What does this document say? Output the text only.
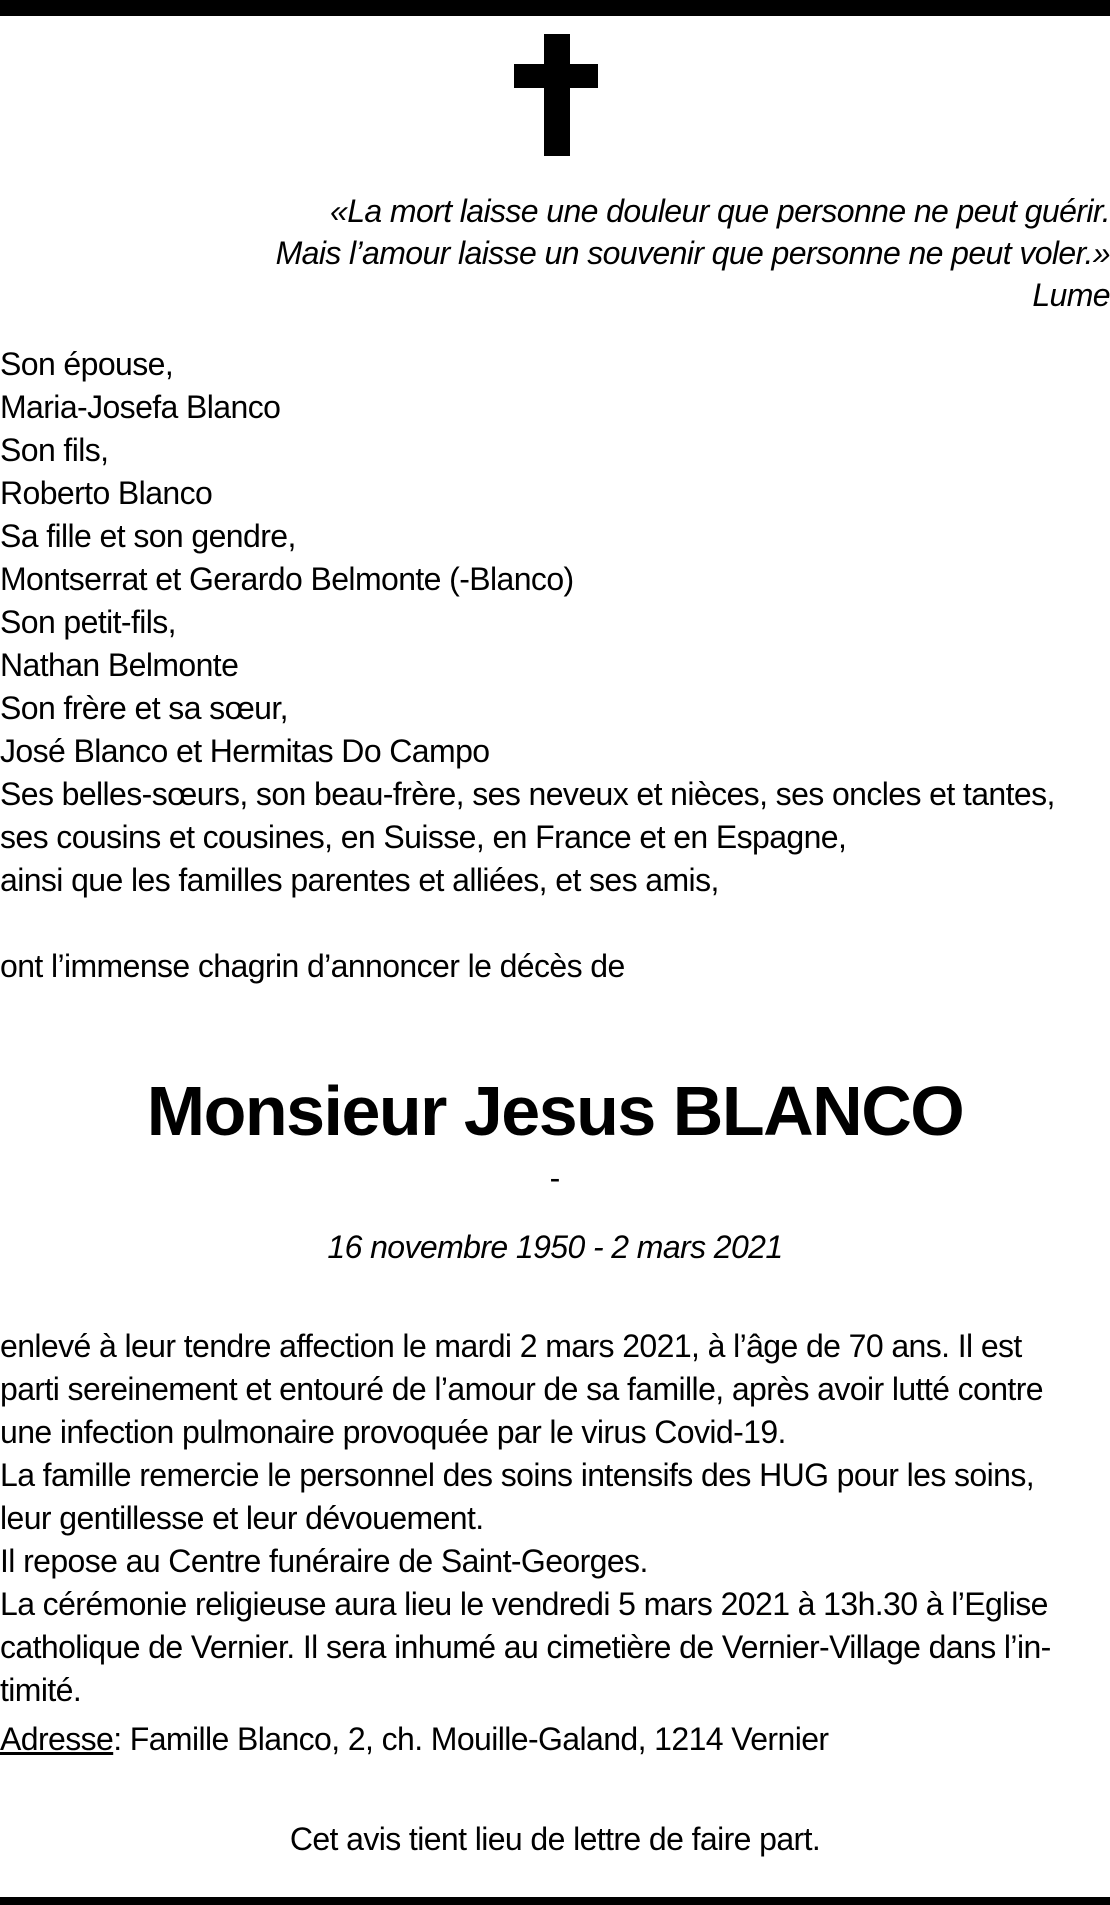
«La mort laisse une douleur que personne ne peut guérir.
Mais l’amour laisse un souvenir que personne ne peut voler.»
Lume
Son épouse,
Maria-Josefa Blanco
Son fils,
Roberto Blanco
Sa fille et son gendre,
Montserrat et Gerardo Belmonte (-Blanco)
Son petit-fils,
Nathan Belmonte
Son frère et sa sœur,
José Blanco et Hermitas Do Campo
Ses belles-sœurs, son beau-frère, ses neveux et nièces, ses oncles et tantes,
ses cousins et cousines, en Suisse, en France et en Espagne,
ainsi que les familles parentes et alliées, et ses amis,
ont l’immense chagrin d’annoncer le décès de
Monsieur Jesus BLANCO
-
16 novembre 1950 - 2 mars 2021
enlevé à leur tendre affection le mardi 2 mars 2021, à l’âge de 70 ans. Il est
parti sereinement et entouré de l’amour de sa famille, après avoir lutté contre
une infection pulmonaire provoquée par le virus Covid-19.
La famille remercie le personnel des soins intensifs des HUG pour les soins,
leur gentillesse et leur dévouement.
Il repose au Centre funéraire de Saint-Georges.
La cérémonie religieuse aura lieu le vendredi 5 mars 2021 à 13h.30 à l’Eglise
catholique de Vernier. Il sera inhumé au cimetière de Vernier-Village dans l’in-
timité.
Adresse: Famille Blanco, 2, ch. Mouille-Galand, 1214 Vernier
Cet avis tient lieu de lettre de faire part.
